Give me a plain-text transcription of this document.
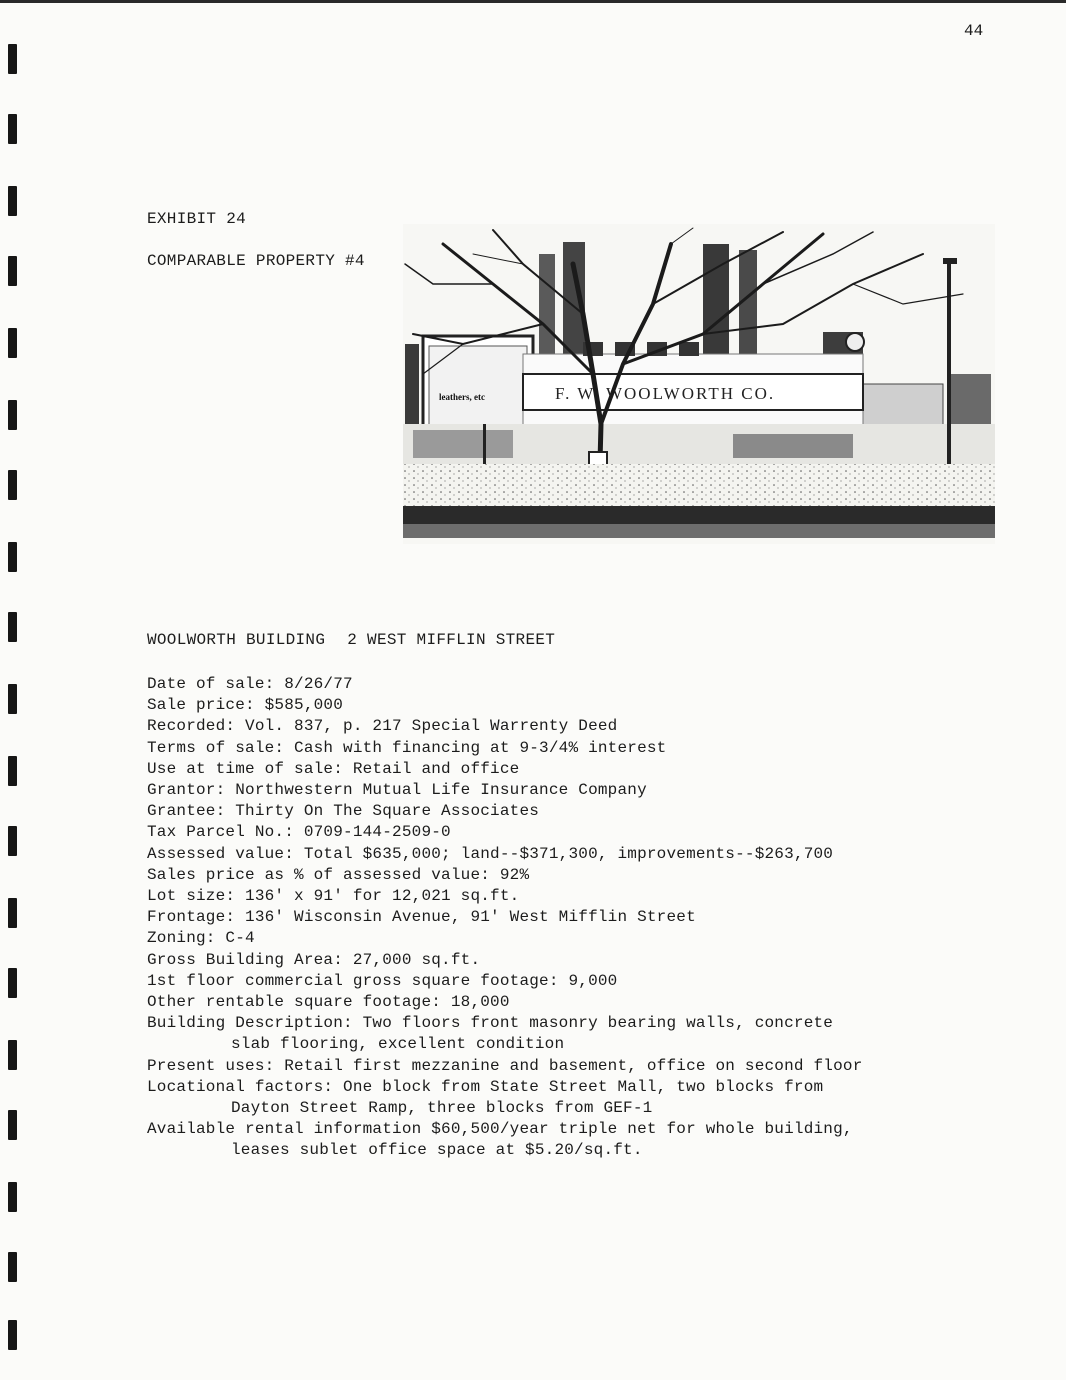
44
EXHIBIT 24
COMPARABLE PROPERTY #4
leathers, etc	F. W. WOOLWORTH CO.
WOOLWORTH BUILDING 2 WEST MIFFLIN STREET
Date of sale: 8/26/77
Sale price: $585,000
Recorded: Vol. 837, p. 217 Special Warrenty Deed
Terms of sale: Cash with financing at 9-3/4% interest
Use at time of sale: Retail and office
Grantor: Northwestern Mutual Life Insurance Company
Grantee: Thirty On The Square Associates
Tax Parcel No.: 0709-144-2509-0
Assessed value: Total $635,000; land--$371,300, improvements--$263,700
Sales price as % of assessed value: 92%
Lot size: 136' x 91' for 12,021 sq.ft.
Frontage: 136' Wisconsin Avenue, 91' West Mifflin Street
Zoning: C-4
Gross Building Area: 27,000 sq.ft.
1st floor commercial gross square footage: 9,000
Other rentable square footage: 18,000
Building Description: Two floors front masonry bearing walls, concrete
slab flooring, excellent condition
Present uses: Retail first mezzanine and basement, office on second floor
Locational factors: One block from State Street Mall, two blocks from
Dayton Street Ramp, three blocks from GEF-1
Available rental information $60,500/year triple net for whole building,
leases sublet office space at $5.20/sq.ft.
